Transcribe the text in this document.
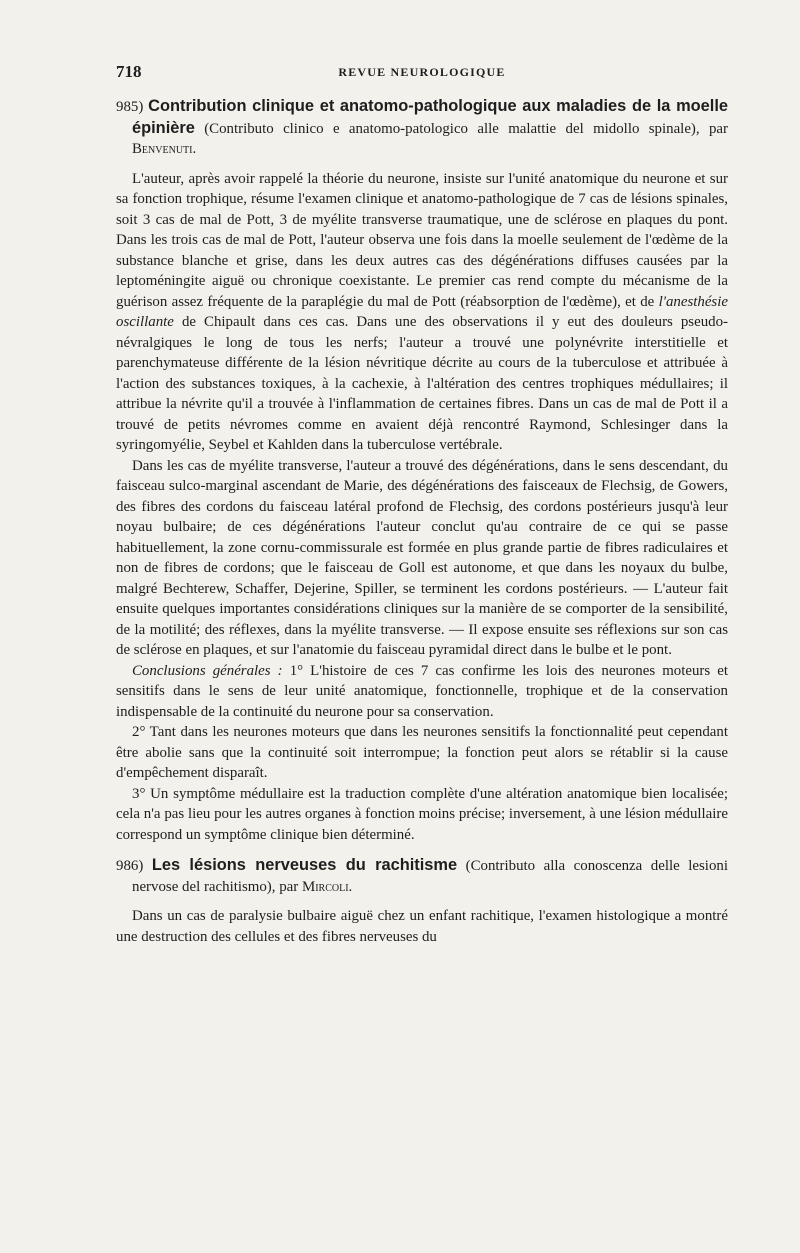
718	REVUE NEUROLOGIQUE

985) Contribution clinique et anatomo-pathologique aux maladies de la moelle épinière (Contributo clinico e anatomo-patologico alle malattie del midollo spinale), par Benvenuti.

L'auteur, après avoir rappelé la théorie du neurone, insiste sur l'unité anatomique du neurone et sur sa fonction trophique, résume l'examen clinique et anatomo-pathologique de 7 cas de lésions spinales, soit 3 cas de mal de Pott, 3 de myélite transverse traumatique, une de sclérose en plaques du pont. Dans les trois cas de mal de Pott, l'auteur observa une fois dans la moelle seulement de l'œdème de la substance blanche et grise, dans les deux autres cas des dégénérations diffuses causées par la leptoméningite aiguë ou chronique coexistante. Le premier cas rend compte du mécanisme de la guérison assez fréquente de la paraplégie du mal de Pott (réabsorption de l'œdème), et de l'anesthésie oscillante de Chipault dans ces cas. Dans une des observations il y eut des douleurs pseudo-névralgiques le long de tous les nerfs; l'auteur a trouvé une polynévrite interstitielle et parenchymateuse différente de la lésion névritique décrite au cours de la tuberculose et attribuée à l'action des substances toxiques, à la cachexie, à l'altération des centres trophiques médullaires; il attribue la névrite qu'il a trouvée à l'inflammation de certaines fibres. Dans un cas de mal de Pott il a trouvé de petits névromes comme en avaient déjà rencontré Raymond, Schlesinger dans la syringomyélie, Seybel et Kahlden dans la tuberculose vertébrale.

Dans les cas de myélite transverse, l'auteur a trouvé des dégénérations, dans le sens descendant, du faisceau sulco-marginal ascendant de Marie, des dégénérations des faisceaux de Flechsig, de Gowers, des fibres des cordons du faisceau latéral profond de Flechsig, des cordons postérieurs jusqu'à leur noyau bulbaire; de ces dégénérations l'auteur conclut qu'au contraire de ce qui se passe habituellement, la zone cornu-commissurale est formée en plus grande partie de fibres radiculaires et non de fibres de cordons; que le faisceau de Goll est autonome, et que dans les noyaux du bulbe, malgré Bechterew, Schaffer, Dejerine, Spiller, se terminent les cordons postérieurs. — L'auteur fait ensuite quelques importantes considérations cliniques sur la manière de se comporter de la sensibilité, de la motilité; des réflexes, dans la myélite transverse. — Il expose ensuite ses réflexions sur son cas de sclérose en plaques, et sur l'anatomie du faisceau pyramidal direct dans le bulbe et le pont.

Conclusions générales : 1° L'histoire de ces 7 cas confirme les lois des neurones moteurs et sensitifs dans le sens de leur unité anatomique, fonctionnelle, trophique et de la conservation indispensable de la continuité du neurone pour sa conservation.

2° Tant dans les neurones moteurs que dans les neurones sensitifs la fonctionnalité peut cependant être abolie sans que la continuité soit interrompue; la fonction peut alors se rétablir si la cause d'empêchement disparaît.

3° Un symptôme médullaire est la traduction complète d'une altération anatomique bien localisée; cela n'a pas lieu pour les autres organes à fonction moins précise; inversement, à une lésion médullaire correspond un symptôme clinique bien déterminé.

986) Les lésions nerveuses du rachitisme (Contributo alla conoscenza delle lesioni nervose del rachitismo), par Mircoli.

Dans un cas de paralysie bulbaire aiguë chez un enfant rachitique, l'examen histologique a montré une destruction des cellules et des fibres nerveuses du
